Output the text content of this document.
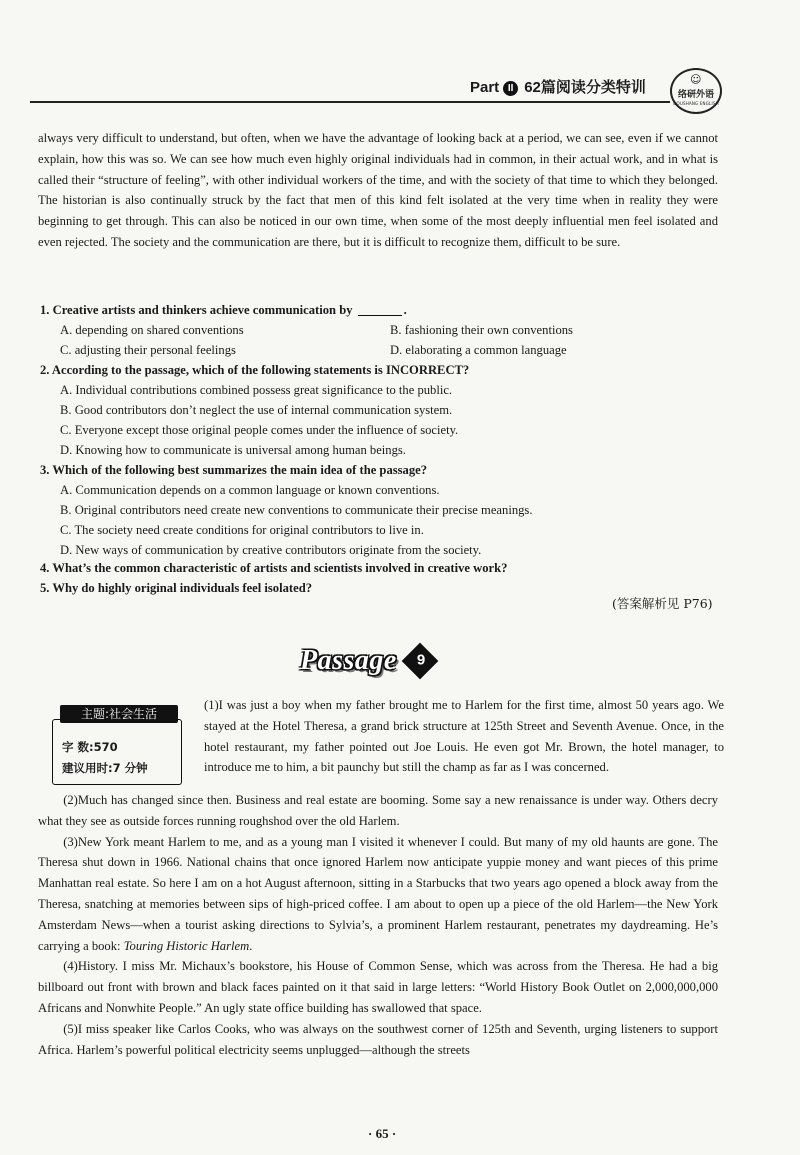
Part II 62篇阅读分类特训	☺
络研外语
DOUSHANG ENGLISH
always very difficult to understand, but often, when we have the advantage of looking back at a period, we can see, even if we cannot explain, how this was so. We can see how much even highly original individuals had in common, in their actual work, and in what is called their “structure of feeling”, with other individual workers of the time, and with the society of that time to which they belonged. The historian is also continually struck by the fact that men of this kind felt isolated at the very time when in reality they were beginning to get through. This can also be noticed in our own time, when some of the most deeply influential men feel isolated and even rejected. The society and the communication are there, but it is difficult to recognize them, difficult to be sure.
1. Creative artists and thinkers achieve communication by	.
A. depending on shared conventions	B. fashioning their own conventions
C. adjusting their personal feelings	D. elaborating a common language
2. According to the passage, which of the following statements is INCORRECT?
A. Individual contributions combined possess great significance to the public.
B. Good contributors don’t neglect the use of internal communication system.
C. Everyone except those original people comes under the influence of society.
D. Knowing how to communicate is universal among human beings.
3. Which of the following best summarizes the main idea of the passage?
A. Communication depends on a common language or known conventions.
B. Original contributors need create new conventions to communicate their precise meanings.
C. The society need create conditions for original contributors to live in.
D. New ways of communication by creative contributors originate from the society.
4. What’s the common characteristic of artists and scientists involved in creative work?
5. Why do highly original individuals feel isolated?
(答案解析见 P76)
Passage	9
主题:社会生活
字 数:570
建议用时:7 分钟
(1)I was just a boy when my father brought me to Harlem for the first time, almost 50 years ago. We stayed at the Hotel Theresa, a grand brick structure at 125th Street and Seventh Avenue. Once, in the hotel restaurant, my father pointed out Joe Louis. He even got Mr. Brown, the hotel manager, to introduce me to him, a bit paunchy but still the champ as far as I was concerned.
(2)Much has changed since then. Business and real estate are booming. Some say a new renaissance is under way. Others decry what they see as outside forces running roughshod over the old Harlem.
(3)New York meant Harlem to me, and as a young man I visited it whenever I could. But many of my old haunts are gone. The Theresa shut down in 1966. National chains that once ignored Harlem now anticipate yuppie money and want pieces of this prime Manhattan real estate. So here I am on a hot August afternoon, sitting in a Starbucks that two years ago opened a block away from the Theresa, snatching at memories between sips of high-priced coffee. I am about to open up a piece of the old Harlem—the New York Amsterdam News—when a tourist asking directions to Sylvia’s, a prominent Harlem restaurant, penetrates my daydreaming. He’s carrying a book: Touring Historic Harlem.
(4)History. I miss Mr. Michaux’s bookstore, his House of Common Sense, which was across from the Theresa. He had a big billboard out front with brown and black faces painted on it that said in large letters: “World History Book Outlet on 2,000,000,000 Africans and Nonwhite People.” An ugly state office building has swallowed that space.
(5)I miss speaker like Carlos Cooks, who was always on the southwest corner of 125th and Seventh, urging listeners to support Africa. Harlem’s powerful political electricity seems unplugged—although the streets
· 65 ·
